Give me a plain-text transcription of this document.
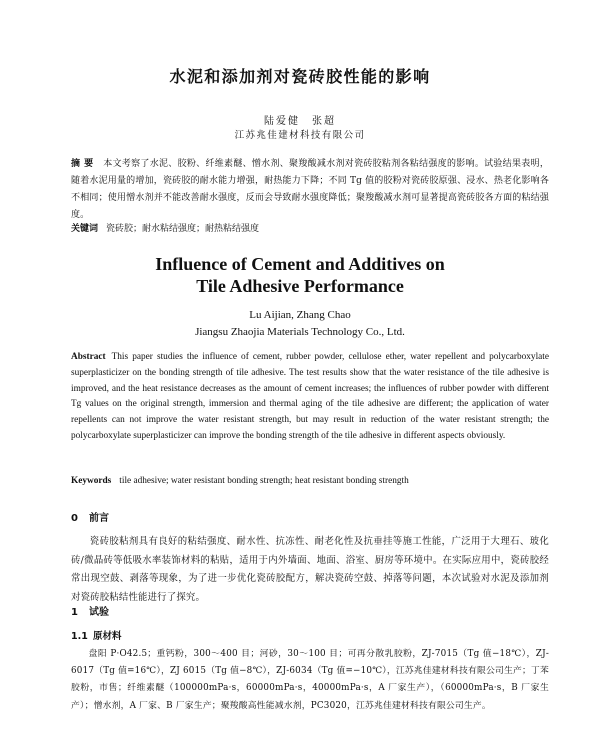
水泥和添加剂对瓷砖胶性能的影响
陆爱健　张超
江苏兆佳建材科技有限公司
摘要 本文考察了水泥、胶粉、纤维素醚、憎水剂、聚羧酸减水剂对瓷砖胶粘剂各粘结强度的影响。试验结果表明，随着水泥用量的增加，瓷砖胶的耐水能力增强，耐热能力下降；不同 Tg 值的胶粉对瓷砖胶原强、浸水、热老化影响各不相同；使用憎水剂并不能改善耐水强度，反而会导致耐水强度降低；聚羧酸减水剂可显著提高瓷砖胶各方面的粘结强度。
关键词 瓷砖胶；耐水粘结强度；耐热粘结强度
Influence of Cement and Additives on
Tile Adhesive Performance
Lu Aijian, Zhang Chao
Jiangsu Zhaojia Materials Technology Co., Ltd.
Abstract This paper studies the influence of cement, rubber powder, cellulose ether, water repellent and polycarboxylate superplasticizer on the bonding strength of tile adhesive. The test results show that the water resistance of the tile adhesive is improved, and the heat resistance decreases as the amount of cement increases; the influences of rubber powder with different Tg values on the original strength, immersion and thermal aging of the tile adhesive are different; the application of water repellents can not improve the water resistant strength, but may result in reduction of the water resistant strength; the polycarboxylate superplasticizer can improve the bonding strength of the tile adhesive in different aspects obviously.
Keywords tile adhesive; water resistant bonding strength; heat resistant bonding strength
0 前言
瓷砖胶粘剂具有良好的粘结强度、耐水性、抗冻性、耐老化性及抗垂挂等施工性能，广泛用于大理石、玻化砖/微晶砖等低吸水率装饰材料的粘贴，适用于内外墙面、地面、浴室、厨房等环境中。在实际应用中，瓷砖胶经常出现空鼓、剥落等现象，为了进一步优化瓷砖胶配方，解决瓷砖空鼓、掉落等问题，本次试验对水泥及添加剂对瓷砖胶粘结性能进行了探究。
1 试验
1.1 原材料
盘阳 P·O42.5；重钙粉，300～400 目；河砂，30～100 目；可再分散乳胶粉，ZJ-7015（Tg 值−18℃），ZJ-6017（Tg 值=16℃），ZJ 6015（Tg 值−8℃），ZJ-6034（Tg 值=−10℃），江苏兆佳建材科技有限公司生产；丁苯胶粉，市售；纤维素醚（100000mPa·s，60000mPa·s，40000mPa·s，A 厂家生产），（60000mPa·s，B 厂家生产）；憎水剂，A 厂家、B 厂家生产；聚羧酸高性能减水剂，PC3020，江苏兆佳建材科技有限公司生产。
